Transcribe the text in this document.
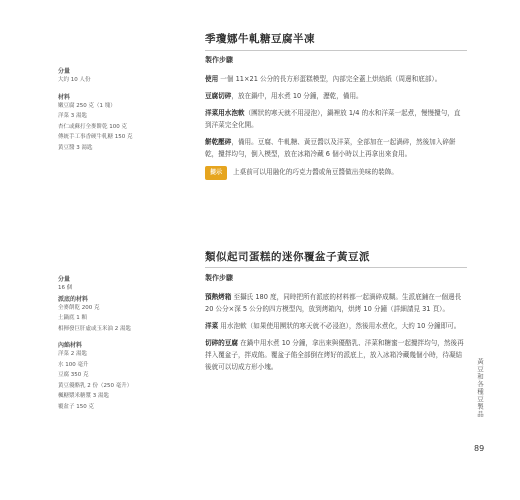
季瓊娜牛軋糖豆腐半凍
分量
大約 10 人份
材料
嫩豆腐 250 克（1 塊）
洋菜 3 湯匙
杏仁或蘇打全麥餅乾 100 克
傳統手工事香硬牛軋糖 150 克
黃豆醬 3 湯匙
製作步驟
使用 一個 11×21 公分的長方形蛋糕模型，內部完全蓋上烘焙紙（周邊和底部）。
豆腐切碎，放在鍋中，用水煮 10 分鐘，瀝乾，備用。
洋菜用水泡軟（團狀的寒天就不用浸泡），鍋裡放 1/4 的水和洋菜一起煮，慢慢攪勻，直到洋菜完全化開。
餅乾壓碎，備用。豆腐、牛軋糖、黃豆醬以及洋菜，全部加在一起渦碎，然後加入碎餅乾，攪拌均勻，倒入模型，放在冰箱冷藏 6 個小時以上再拿出來食用。
提示 上桌前可以用融化的巧克力醬或角豆醬做出美味的裝飾。
類似起司蛋糕的迷你覆盆子黃豆派
分量
16 個
派底的材料
全麥餅乾 200 克
土鍋底 1 顆
相揮發巨肝虛或玉米油 2 湯匙
內餡材料
洋菜 2 湯匙
水 100 毫升
豆腐 350 克
黃豆優酪乳 2 份（250 毫升）
楓糖漿米糖漿 3 湯匙
覆盆子 150 克
製作步驟
預熱烤箱 至攝氏 180 度，同時把所有派底的材料都一起渦碎成糊。生派底鋪在一個邊長 20 公分×深 5 公分的四方模型內，放到烤箱內，烘烤 10 分鐘（詳細請見 31 頁）。
洋菜 用水泡軟（如果使用團狀的寒天就不必浸泡），然後用水煮化，大約 10 分鐘即可。
切碎的豆腐 在鍋中用水煮 10 分鐘，拿出來與優酪乳、洋菜和糖蜜一起攪拌均勻，然後再拌入覆盆子，拌成餡。覆盆子餡全部倒在烤好的派底上，放入冰箱冷藏幾個小時，待凝結後就可以切成方形小塊。	黃豆和各種豆製品
89
